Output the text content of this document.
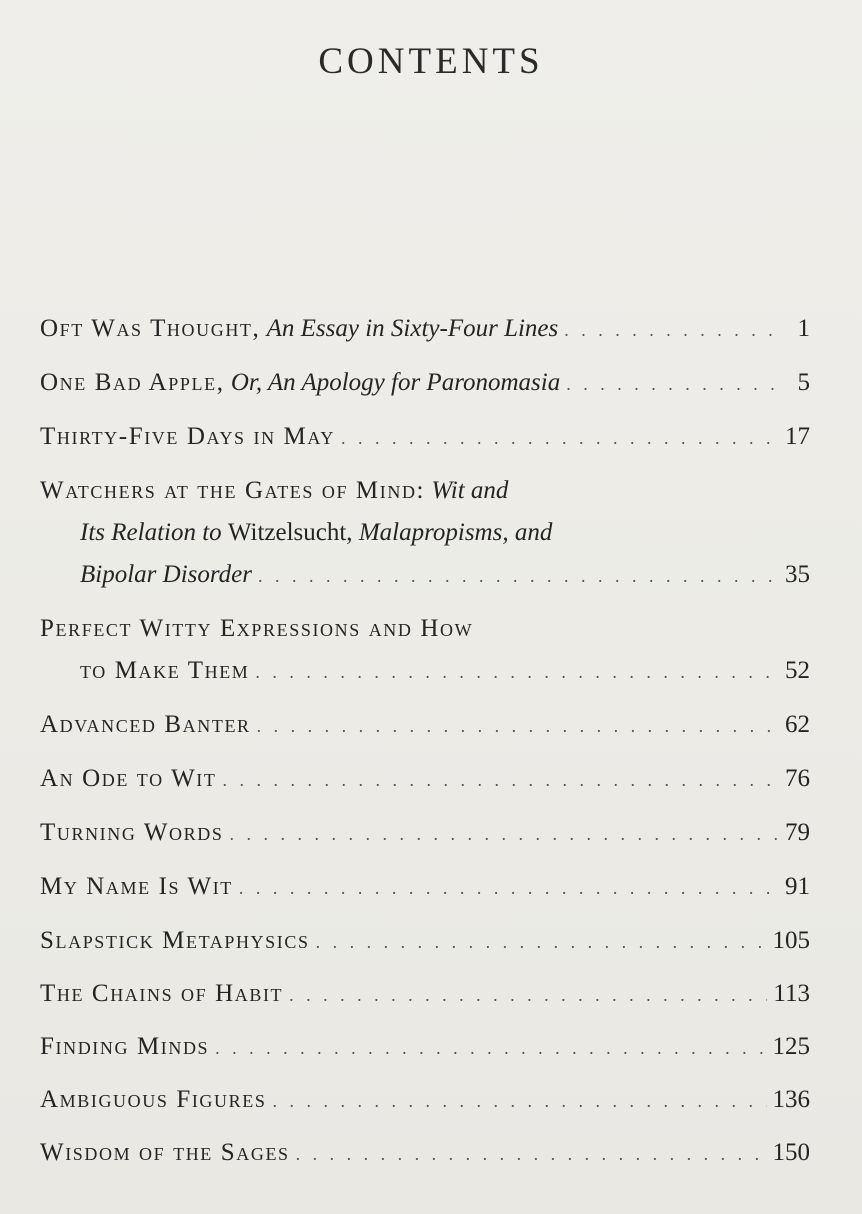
CONTENTS
Oft Was Thought,
An Essay in Sixty-Four Lines . . .	1
One Bad Apple,
Or, An Apology for Paronomasia . . .	5
Thirty-Five Days in May . . .	17
Watchers at the Gates of Mind:
Wit and
Its Relation to
Witzelsucht,
Malapropisms, and
Bipolar Disorder . . .	35
Perfect Witty Expressions and How
to Make Them . . .	52
Advanced Banter . . .	62
An Ode to Wit . . .	76
Turning Words . . .	79
My Name Is Wit . . .	91
Slapstick Metaphysics . . .	105
The Chains of Habit . . .	113
Finding Minds . . .	125
Ambiguous Figures . . .	136
Wisdom of the Sages . . .	150
